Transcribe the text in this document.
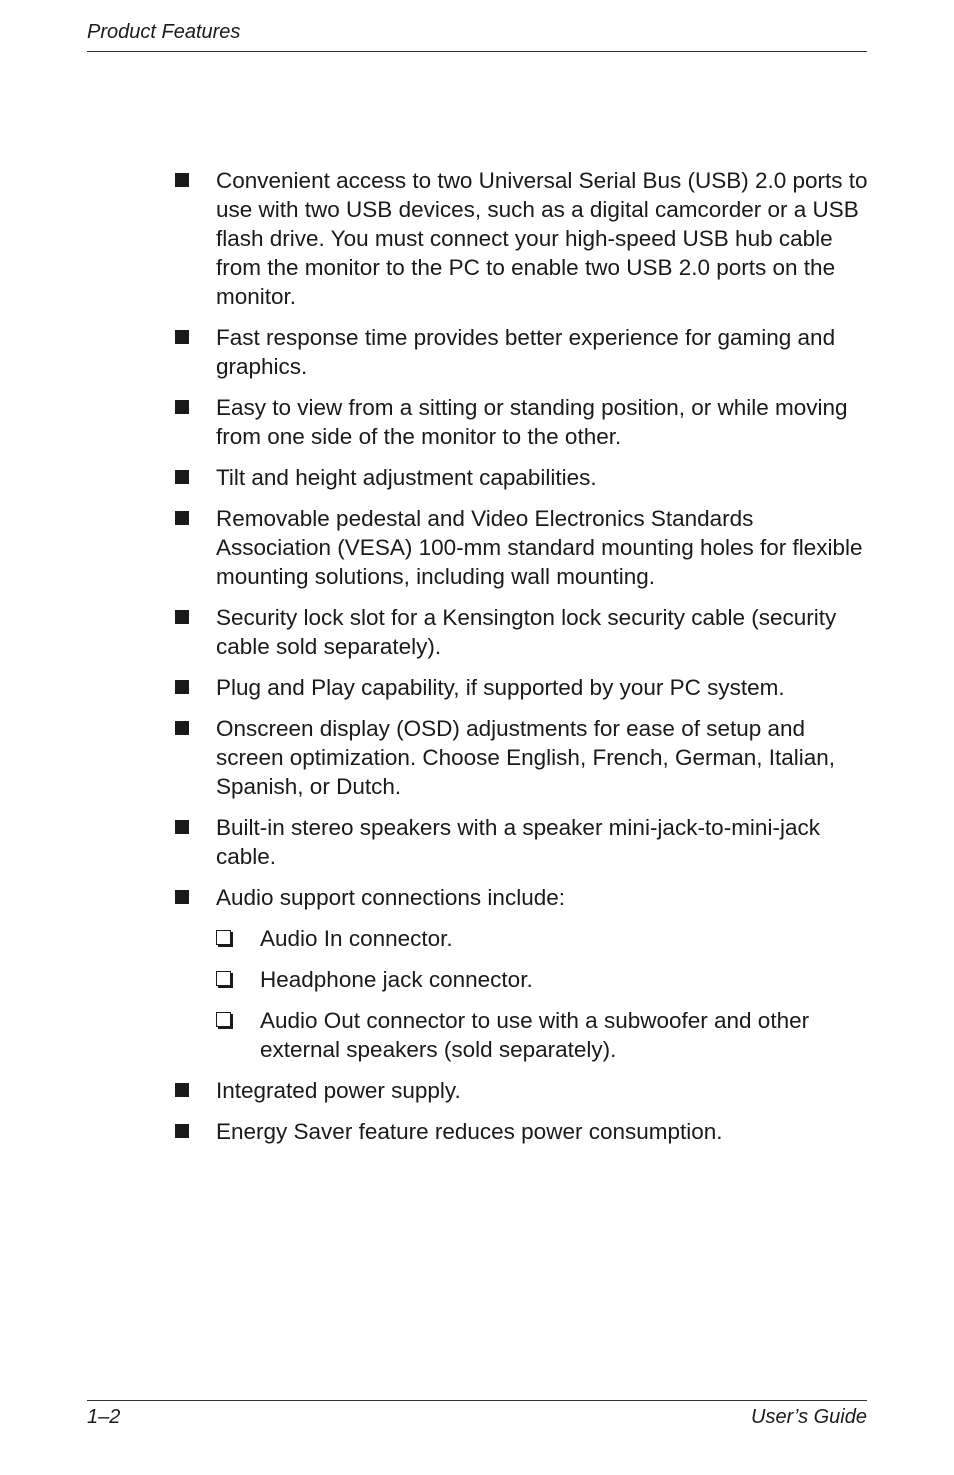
Product Features
Convenient access to two Universal Serial Bus (USB) 2.0 ports to use with two USB devices, such as a digital camcorder or a USB flash drive. You must connect your high-speed USB hub cable from the monitor to the PC to enable two USB 2.0 ports on the monitor.
Fast response time provides better experience for gaming and graphics.
Easy to view from a sitting or standing position, or while moving from one side of the monitor to the other.
Tilt and height adjustment capabilities.
Removable pedestal and Video Electronics Standards Association (VESA) 100-mm standard mounting holes for flexible mounting solutions, including wall mounting.
Security lock slot for a Kensington lock security cable (security cable sold separately).
Plug and Play capability, if supported by your PC system.
Onscreen display (OSD) adjustments for ease of setup and screen optimization. Choose English, French, German, Italian, Spanish, or Dutch.
Built-in stereo speakers with a speaker mini-jack-to-mini-jack cable.
Audio support connections include:
Audio In connector.
Headphone jack connector.
Audio Out connector to use with a subwoofer and other external speakers (sold separately).
Integrated power supply.
Energy Saver feature reduces power consumption.
1–2	User’s Guide
